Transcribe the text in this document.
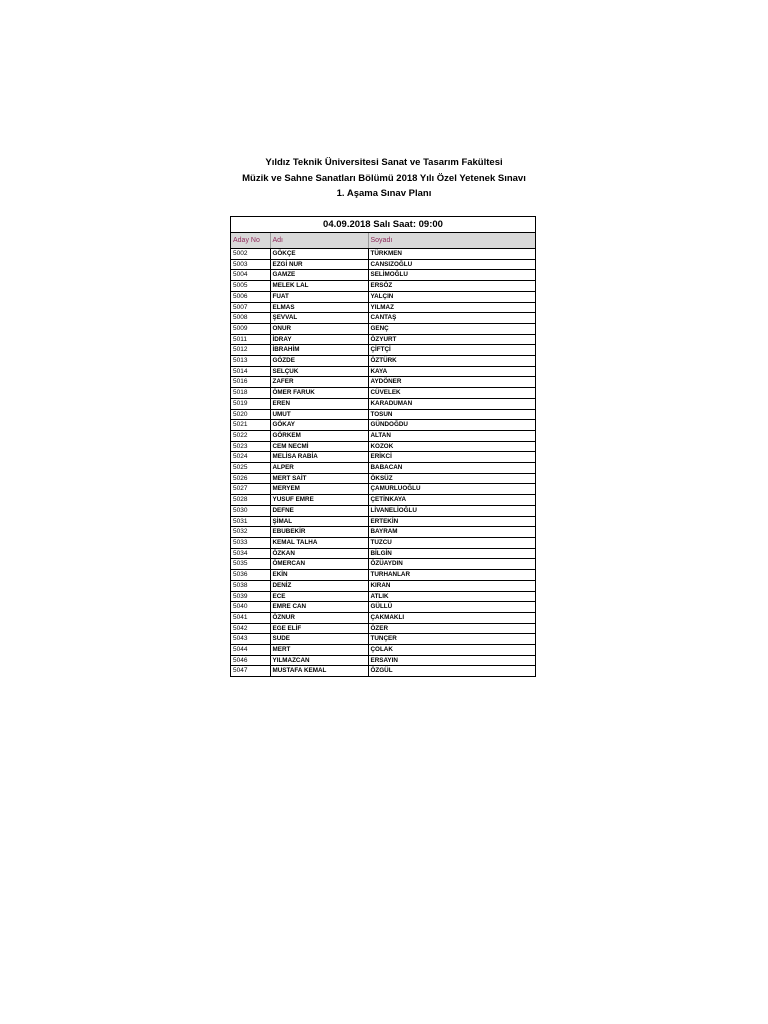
Yıldız Teknik Üniversitesi Sanat ve Tasarım Fakültesi
Müzik ve Sahne Sanatları Bölümü 2018 Yılı Özel Yetenek Sınavı
1. Aşama Sınav Planı
04.09.2018 Salı Saat: 09:00
Aday No	Adı	Soyadı
5002	GÖKÇE	TÜRKMEN
5003	EZGİ NUR	CANSIZOĞLU
5004	GAMZE	SELİMOĞLU
5005	MELEK LAL	ERSÖZ
5006	FUAT	YALÇIN
5007	ELMAS	YILMAZ
5008	ŞEVVAL	CANTAŞ
5009	ONUR	GENÇ
5011	İDRAY	ÖZYURT
5012	İBRAHİM	ÇİFTÇİ
5013	GÖZDE	ÖZTÜRK
5014	SELÇUK	KAYA
5016	ZAFER	AYDÖNER
5018	ÖMER FARUK	CÜVELEK
5019	EREN	KARADUMAN
5020	UMUT	TOSUN
5021	GÖKAY	GÜNDOĞDU
5022	GÖRKEM	ALTAN
5023	CEM NECMİ	KOZOK
5024	MELİSA RABİA	ERİKCİ
5025	ALPER	BABACAN
5026	MERT SAİT	ÖKSÜZ
5027	MERYEM	ÇAMURLUOĞLU
5028	YUSUF EMRE	ÇETİNKAYA
5030	DEFNE	LİVANELİOĞLU
5031	ŞİMAL	ERTEKİN
5032	EBUBEKİR	BAYRAM
5033	KEMAL TALHA	TUZCU
5034	ÖZKAN	BİLGİN
5035	ÖMERCAN	ÖZÜAYDIN
5036	EKİN	TURHANLAR
5038	DENİZ	KIRAN
5039	ECE	ATLIK
5040	EMRE CAN	GÜLLÜ
5041	ÖZNUR	ÇAKMAKLI
5042	EGE ELİF	ÖZER
5043	SUDE	TUNÇER
5044	MERT	ÇOLAK
5046	YILMAZCAN	ERSAYIN
5047	MUSTAFA KEMAL	ÖZGÜL
